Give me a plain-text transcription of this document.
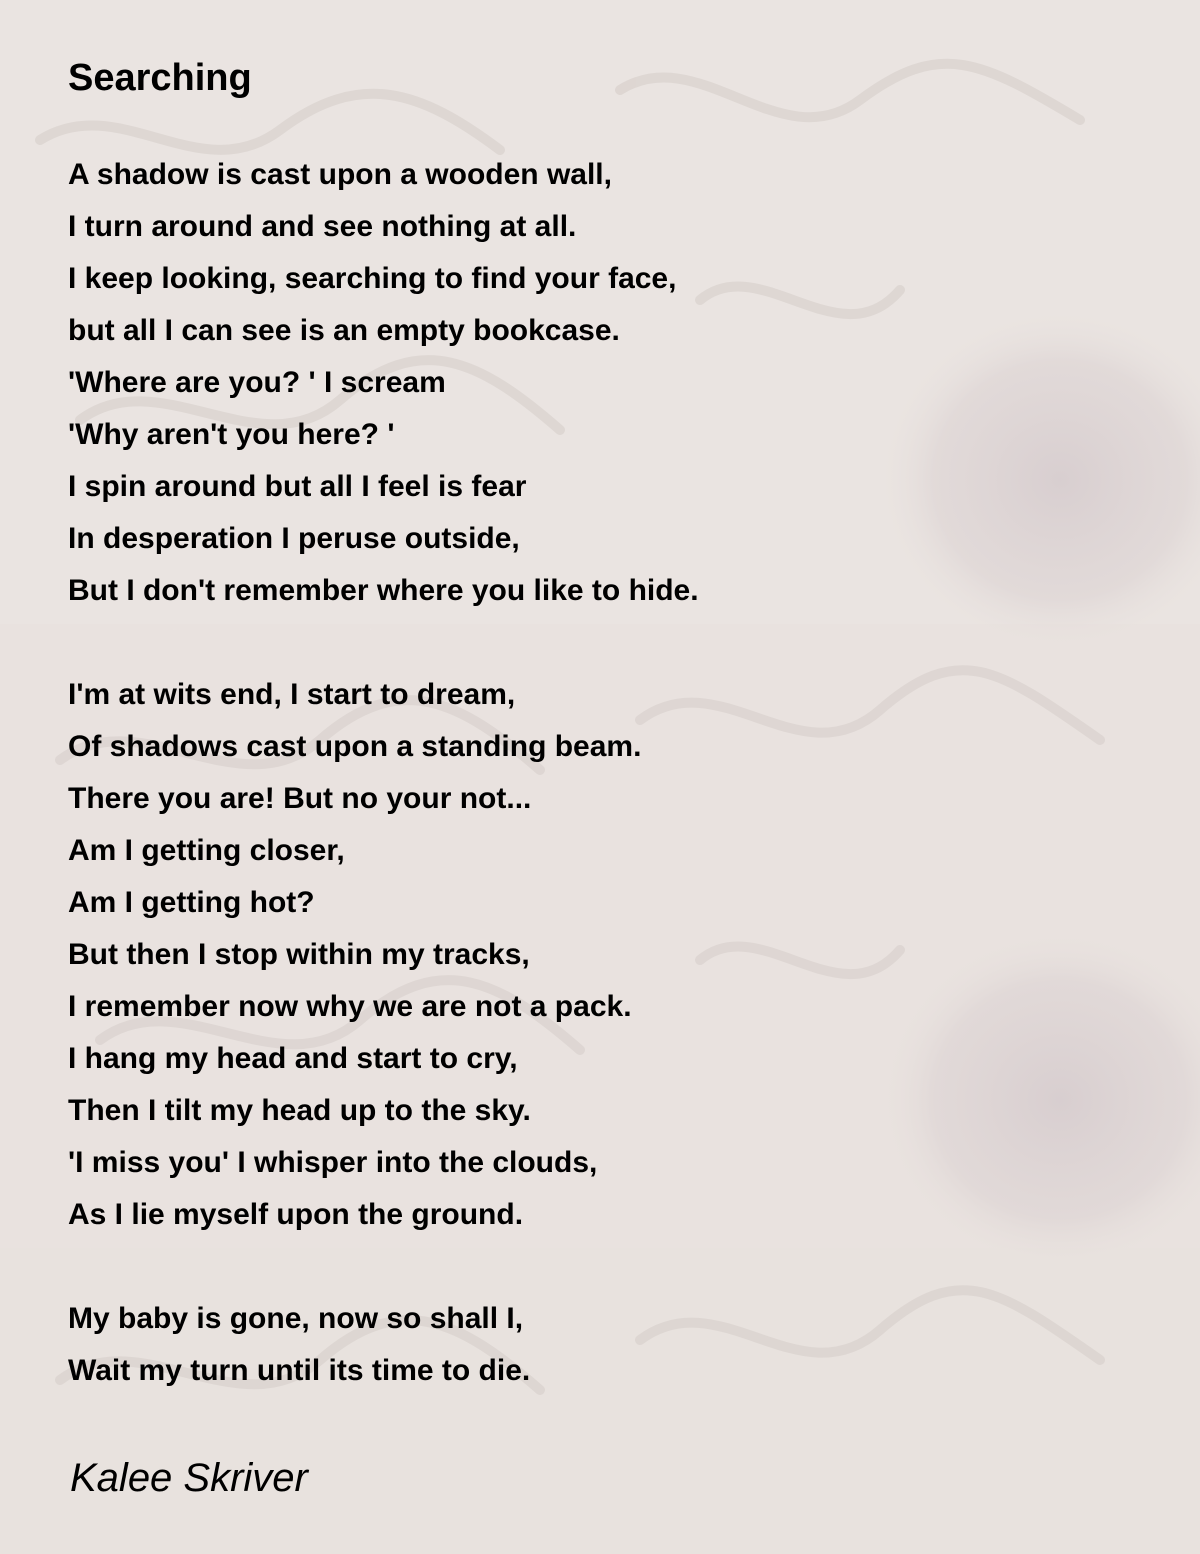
Searching
A shadow is cast upon a wooden wall,
I turn around and see nothing at all.
I keep looking, searching to find your face,
but all I can see is an empty bookcase.
'Where are you? ' I scream
'Why aren't you here? '
I spin around but all I feel is fear
In desperation I peruse outside,
But I don't remember where you like to hide.
I'm at wits end, I start to dream,
Of shadows cast upon a standing beam.
There you are! But no your not...
Am I getting closer,
Am I getting hot?
But then I stop within my tracks,
I remember now why we are not a pack.
I hang my head and start to cry,
Then I tilt my head up to the sky.
'I miss you' I whisper into the clouds,
As I lie myself upon the ground.
My baby is gone, now so shall I,
Wait my turn until its time to die.
Kalee Skriver
